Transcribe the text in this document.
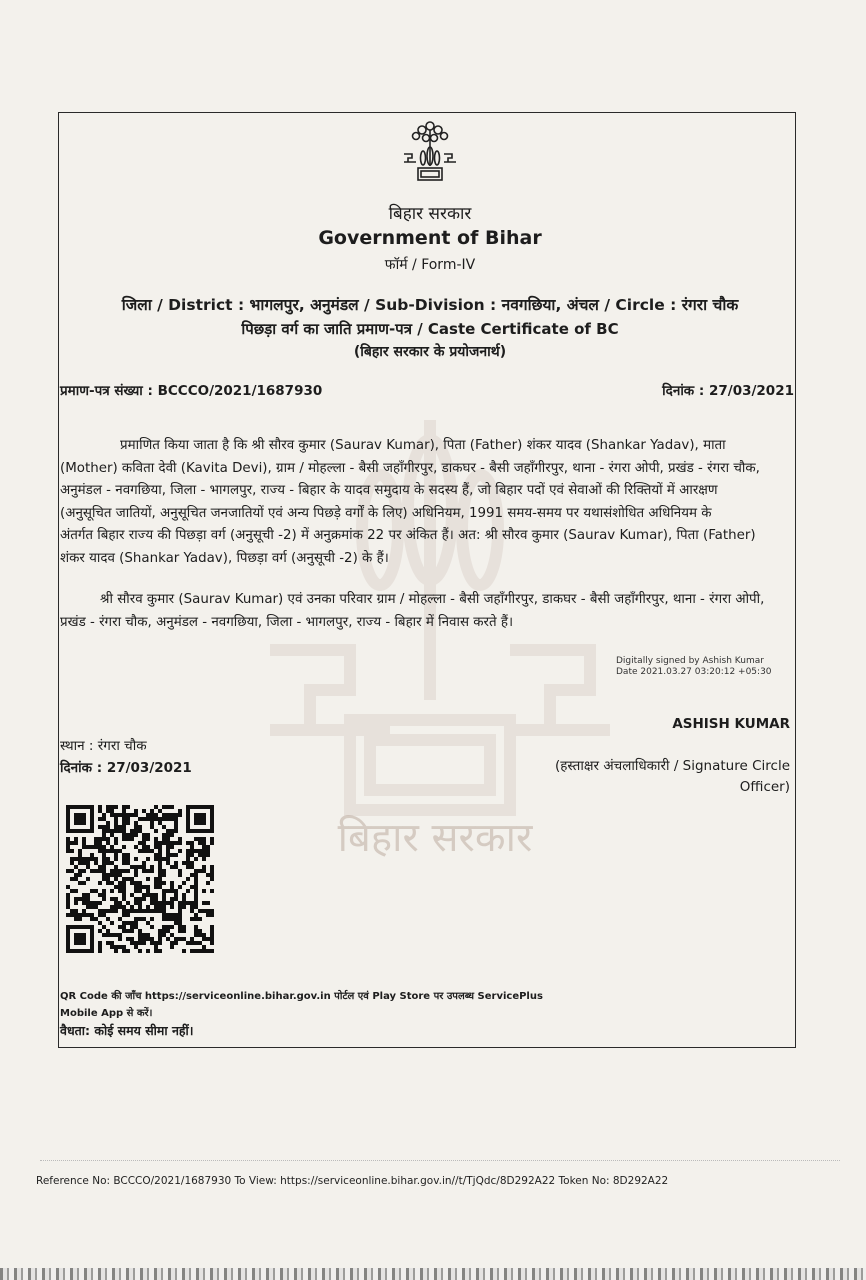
बिहार सरकार
बिहार सरकार
Government of Bihar
फॉर्म / Form-IV
जिला / District : भागलपुर, अनुमंडल / Sub-Division : नवगछिया, अंचल / Circle : रंगरा चौक
पिछड़ा वर्ग का जाति प्रमाण-पत्र / Caste Certificate of BC
(बिहार सरकार के प्रयोजनार्थ)
प्रमाण-पत्र संख्या : BCCCO/2021/1687930	दिनांक : 27/03/2021
प्रमाणित किया जाता है कि श्री सौरव कुमार (Saurav Kumar), पिता (Father) शंकर यादव (Shankar Yadav), माता
(Mother) कविता देवी (Kavita Devi), ग्राम / मोहल्ला - बैसी जहाँगीरपुर, डाकघर - बैसी जहाँगीरपुर, थाना - रंगरा ओपी, प्रखंड - रंगरा चौक,
अनुमंडल - नवगछिया, जिला - भागलपुर, राज्य - बिहार के यादव समुदाय के सदस्य हैं, जो बिहार पदों एवं सेवाओं की रिक्तियों में आरक्षण
(अनुसूचित जातियों, अनुसूचित जनजातियों एवं अन्य पिछड़े वर्गों के लिए) अधिनियम, 1991 समय-समय पर यथासंशोधित अधिनियम के
अंतर्गत बिहार राज्य की पिछड़ा वर्ग (अनुसूची -2) में अनुक्रमांक 22 पर अंकित हैं। अत: श्री सौरव कुमार (Saurav Kumar), पिता (Father)
शंकर यादव (Shankar Yadav), पिछड़ा वर्ग (अनुसूची -2) के हैं।
श्री सौरव कुमार (Saurav Kumar) एवं उनका परिवार ग्राम / मोहल्ला - बैसी जहाँगीरपुर, डाकघर - बैसी जहाँगीरपुर, थाना - रंगरा ओपी,
प्रखंड - रंगरा चौक, अनुमंडल - नवगछिया, जिला - भागलपुर, राज्य - बिहार में निवास करते हैं।
Digitally signed by Ashish Kumar
Date 2021.03.27 03:20:12 +05:30
ASHISH KUMAR
(हस्ताक्षर अंचलाधिकारी / Signature Circle
Officer)
स्थान : रंगरा चौक
दिनांक : 27/03/2021
QR Code की जाँच https://serviceonline.bihar.gov.in पोर्टल एवं Play Store पर उपलब्ध ServicePlus
Mobile App से करें।
वैधता: कोई समय सीमा नहीं।
Reference No: BCCCO/2021/1687930 To View: https://serviceonline.bihar.gov.in//t/TjQdc/8D292A22 Token No: 8D292A22
